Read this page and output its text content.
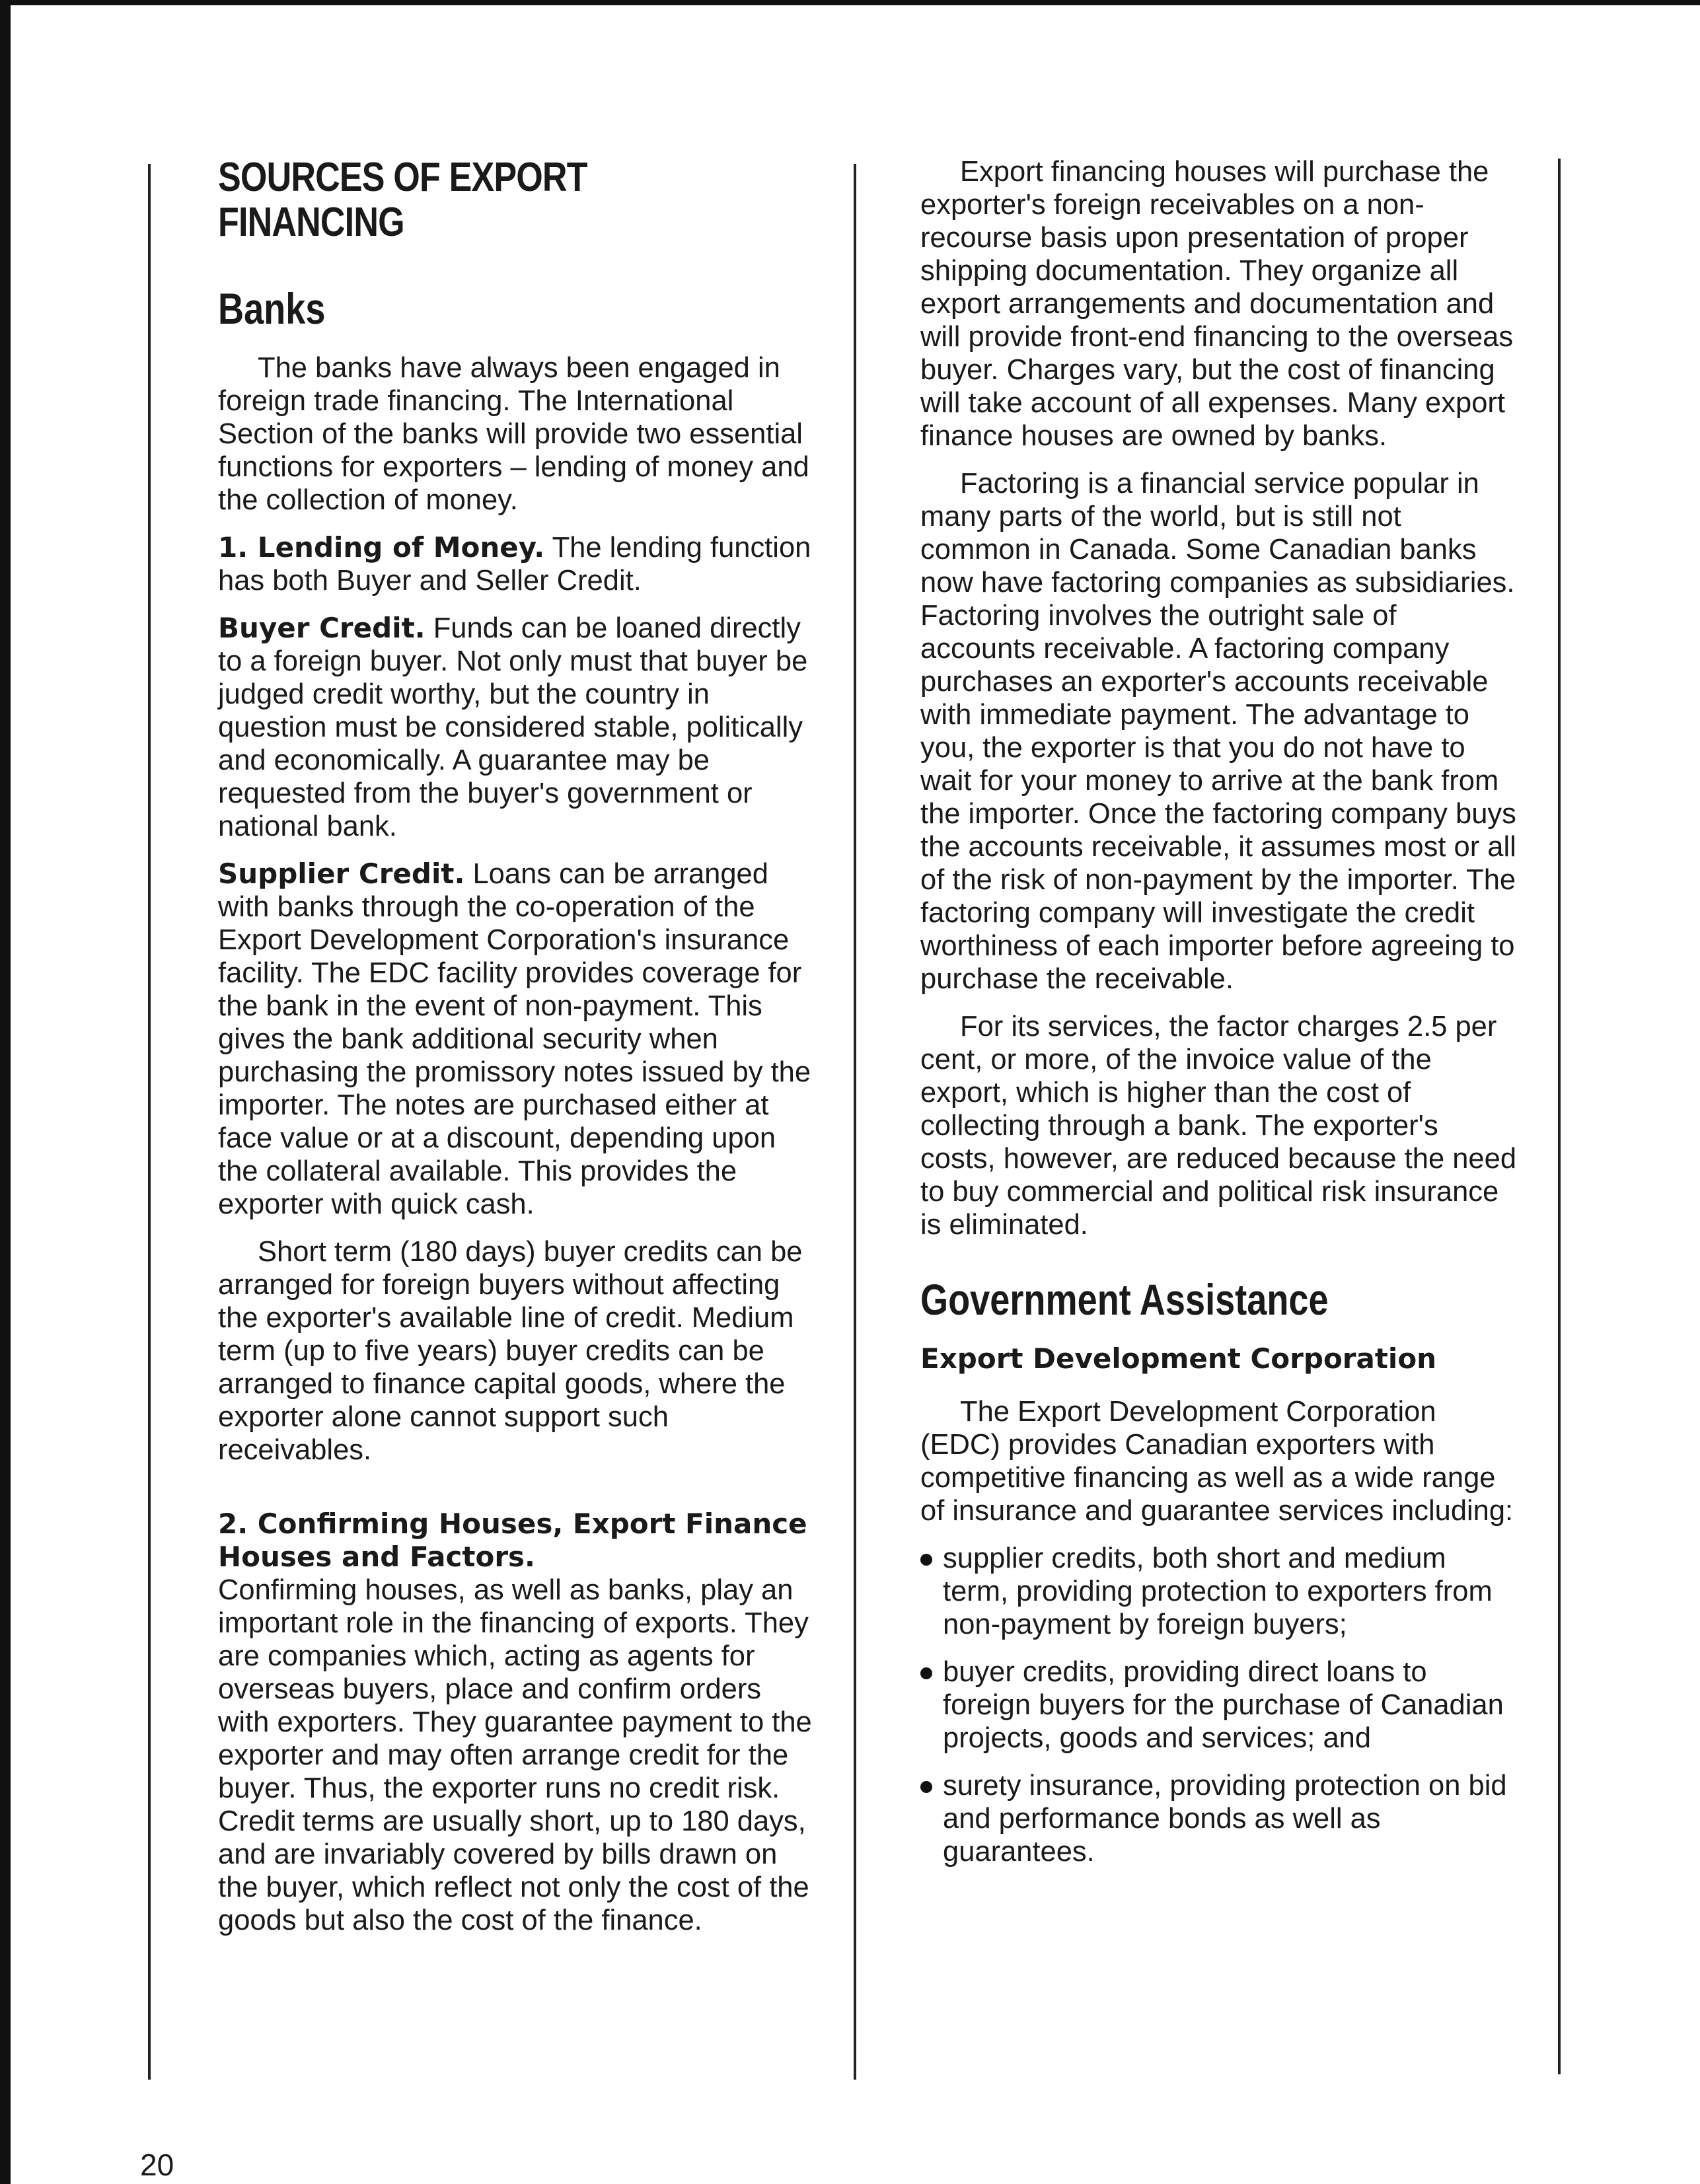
SOURCES OF EXPORT FINANCING
Banks

The banks have always been engaged in foreign trade financing. The International Section of the banks will provide two essential functions for exporters – lending of money and the collection of money.

1. Lending of Money. The lending function has both Buyer and Seller Credit.

Buyer Credit. Funds can be loaned directly to a foreign buyer. Not only must that buyer be judged credit worthy, but the country in question must be considered stable, politically and economically. A guarantee may be requested from the buyer's government or national bank.

Supplier Credit. Loans can be arranged with banks through the co-operation of the Export Development Corporation's insurance facility. The EDC facility provides coverage for the bank in the event of non-payment. This gives the bank additional security when purchasing the promissory notes issued by the importer. The notes are purchased either at face value or at a discount, depending upon the collateral available. This provides the exporter with quick cash.

Short term (180 days) buyer credits can be arranged for foreign buyers without affecting the exporter's available line of credit. Medium term (up to five years) buyer credits can be arranged to finance capital goods, where the exporter alone cannot support such receivables.

2. Confirming Houses, Export Finance Houses and Factors.

Confirming houses, as well as banks, play an important role in the financing of exports. They are companies which, acting as agents for overseas buyers, place and confirm orders with exporters. They guarantee payment to the exporter and may often arrange credit for the buyer. Thus, the exporter runs no credit risk. Credit terms are usually short, up to 180 days, and are invariably covered by bills drawn on the buyer, which reflect not only the cost of the goods but also the cost of the finance.

Export financing houses will purchase the exporter's foreign receivables on a non-recourse basis upon presentation of proper shipping documentation. They organize all export arrangements and documentation and will provide front-end financing to the overseas buyer. Charges vary, but the cost of financing will take account of all expenses. Many export finance houses are owned by banks.

Factoring is a financial service popular in many parts of the world, but is still not common in Canada. Some Canadian banks now have factoring companies as subsidiaries. Factoring involves the outright sale of accounts receivable. A factoring company purchases an exporter's accounts receivable with immediate payment. The advantage to you, the exporter is that you do not have to wait for your money to arrive at the bank from the importer. Once the factoring company buys the accounts receivable, it assumes most or all of the risk of non-payment by the importer. The factoring company will investigate the credit worthiness of each importer before agreeing to purchase the receivable.

For its services, the factor charges 2.5 per cent, or more, of the invoice value of the export, which is higher than the cost of collecting through a bank. The exporter's costs, however, are reduced because the need to buy commercial and political risk insurance is eliminated.

Government Assistance
Export Development Corporation

The Export Development Corporation (EDC) provides Canadian exporters with competitive financing as well as a wide range of insurance and guarantee services including:

supplier credits, both short and medium term, providing protection to exporters from non-payment by foreign buyers;
buyer credits, providing direct loans to foreign buyers for the purchase of Canadian projects, goods and services; and
surety insurance, providing protection on bid and performance bonds as well as guarantees.
20
